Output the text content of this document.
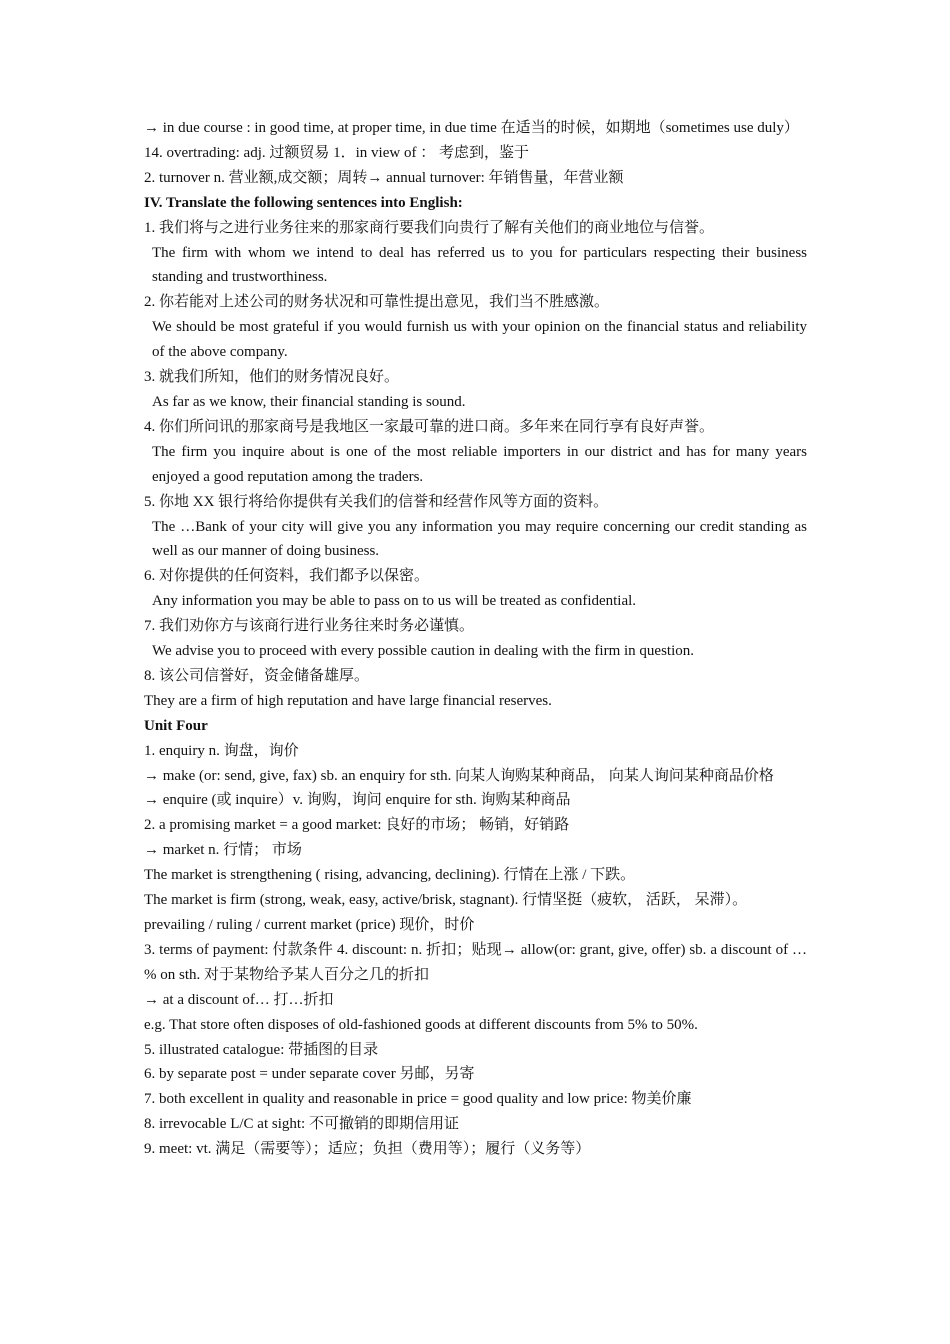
→ in due course : in good time, at proper time, in due time 在适当的时候，如期地（sometimes use duly）
14. overtrading: adj. 过额贸易 1．in view of ： 考虑到，鉴于
2. turnover n. 营业额,成交额；周转→ annual turnover: 年销售量，年营业额
IV. Translate the following sentences into English:
1. 我们将与之进行业务往来的那家商行要我们向贵行了解有关他们的商业地位与信誉。
The firm with whom we intend to deal has referred us to you for particulars respecting their business standing and trustworthiness.
2. 你若能对上述公司的财务状况和可靠性提出意见，我们当不胜感激。
We should be most grateful if you would furnish us with your opinion on the financial status and reliability of the above company.
3. 就我们所知，他们的财务情况良好。
As far as we know, their financial standing is sound.
4. 你们所问讯的那家商号是我地区一家最可靠的进口商。多年来在同行享有良好声誉。
The firm you inquire about is one of the most reliable importers in our district and has for many years enjoyed a good reputation among the traders.
5. 你地 XX 银行将给你提供有关我们的信誉和经营作风等方面的资料。
The …Bank of your city will give you any information you may require concerning our credit standing as well as our manner of doing business.
6. 对你提供的任何资料，我们都予以保密。
Any information you may be able to pass on to us will be treated as confidential.
7. 我们劝你方与该商行进行业务往来时务必谨慎。
We advise you to proceed with every possible caution in dealing with the firm in question.
8. 该公司信誉好，资金储备雄厚。
They are a firm of high reputation and have large financial reserves.
Unit Four
1. enquiry n. 询盘，询价
→ make (or: send, give, fax) sb. an enquiry for sth. 向某人询购某种商品， 向某人询问某种商品价格
→ enquire (或 inquire）v. 询购，询问 enquire for sth. 询购某种商品
2. a promising market = a good market: 良好的市场； 畅销，好销路
→ market n. 行情； 市场
The market is strengthening ( rising, advancing, declining). 行情在上涨 / 下跌。
The market is firm (strong, weak, easy, active/brisk, stagnant). 行情坚挺（疲软， 活跃， 呆滞）。
prevailing / ruling / current market (price) 现价，时价
3. terms of payment: 付款条件 4. discount: n. 折扣；贴现→ allow(or: grant, give, offer) sb. a discount of … % on sth. 对于某物给予某人百分之几的折扣
→ at a discount of… 打…折扣
e.g. That store often disposes of old-fashioned goods at different discounts from 5% to 50%.
5. illustrated catalogue: 带插图的目录
6. by separate post = under separate cover 另邮，另寄
7. both excellent in quality and reasonable in price = good quality and low price: 物美价廉
8. irrevocable L/C at sight: 不可撤销的即期信用证
9. meet: vt. 满足（需要等）；适应；负担（费用等）；履行（义务等）
